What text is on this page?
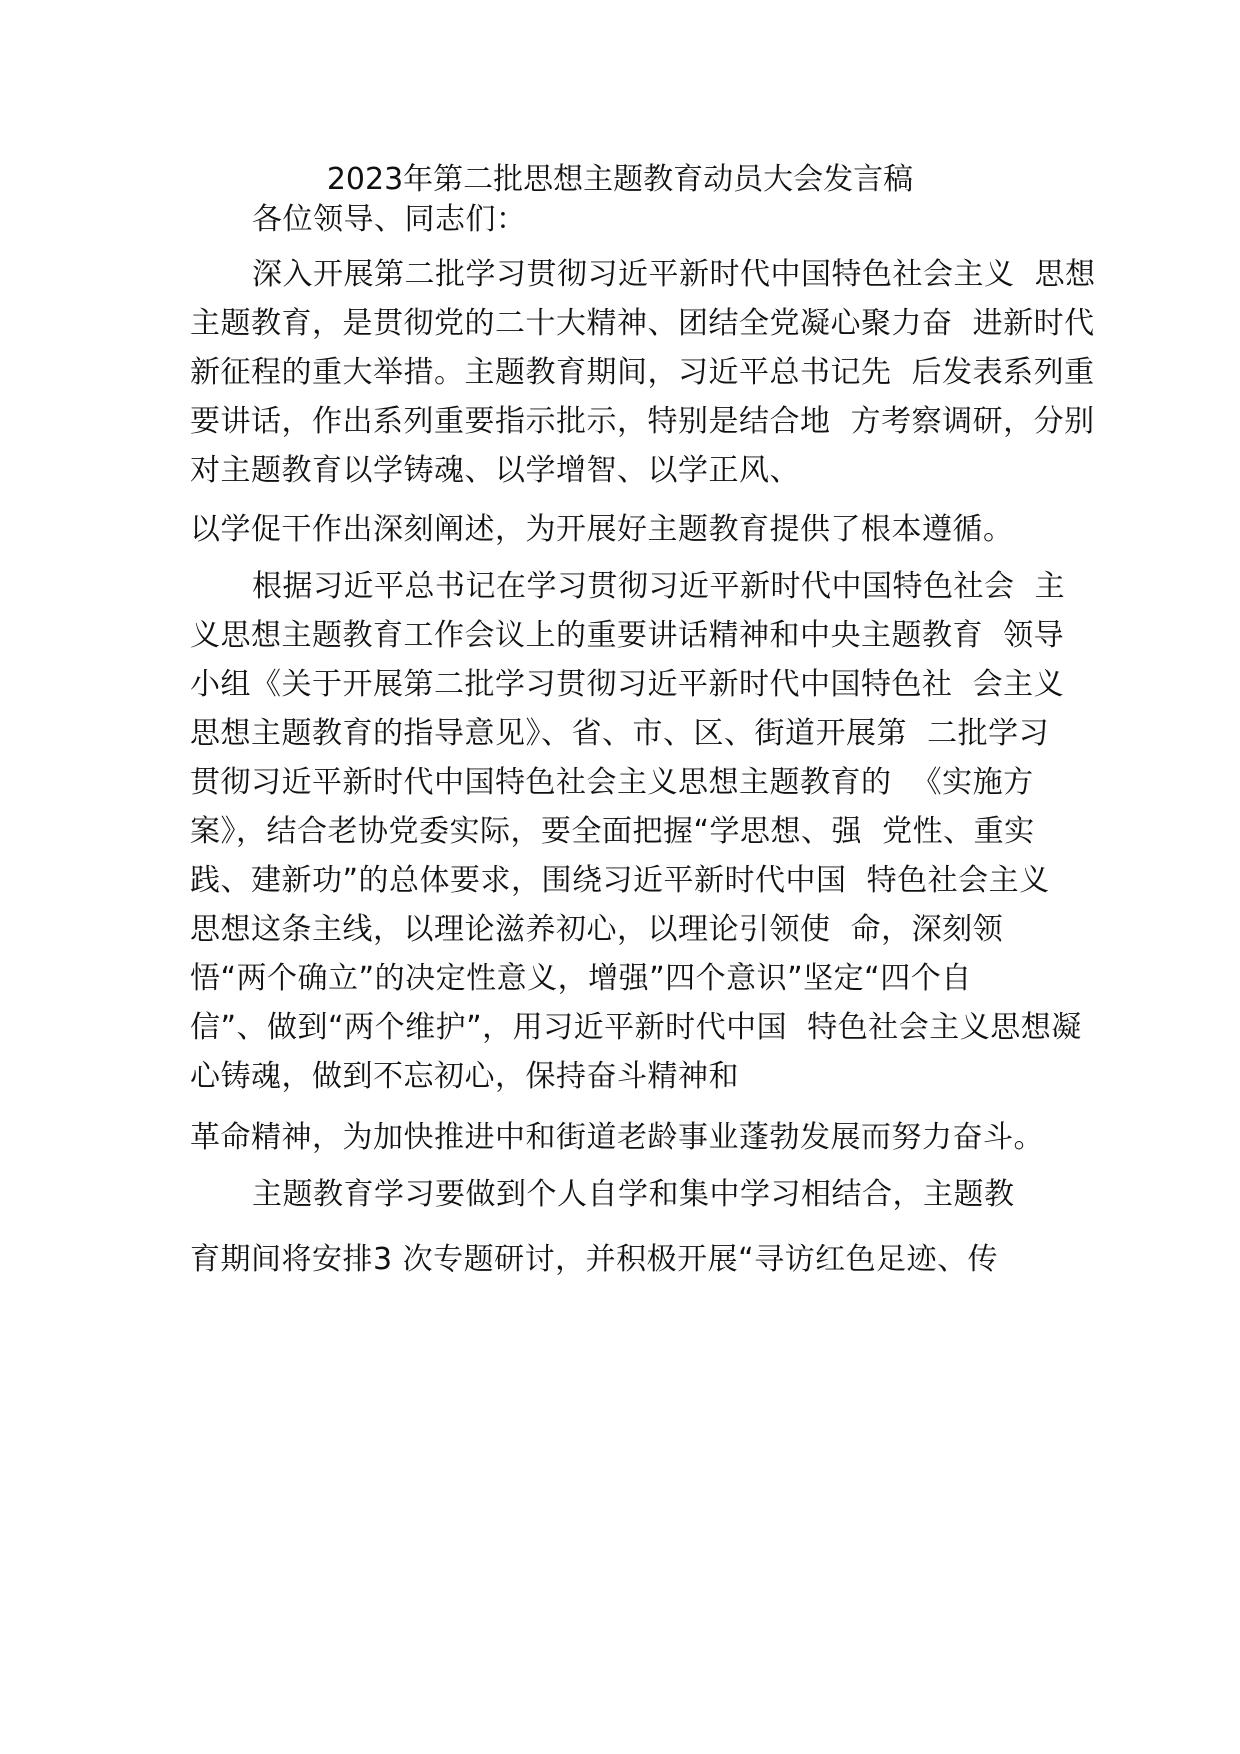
2023年第二批思想主题教育动员大会发言稿
各位领导、同志们：
深入开展第二批学习贯彻习近平新时代中国特色社会主义  思想
主题教育，是贯彻党的二十大精神、团结全党凝心聚力奋  进新时代
新征程的重大举措。主题教育期间，习近平总书记先  后发表系列重
要讲话，作出系列重要指示批示，特别是结合地  方考察调研，分别
对主题教育以学铸魂、以学增智、以学正风、
以学促干作出深刻阐述，为开展好主题教育提供了根本遵循。
根据习近平总书记在学习贯彻习近平新时代中国特色社会  主
义思想主题教育工作会议上的重要讲话精神和中央主题教育  领导
小组《关于开展第二批学习贯彻习近平新时代中国特色社  会主义
思想主题教育的指导意见》、省、市、区、街道开展第  二批学习
贯彻习近平新时代中国特色社会主义思想主题教育的  《实施方
案》，结合老协党委实际，要全面把握“学思想、强  党性、重实
践、建新功”的总体要求，围绕习近平新时代中国  特色社会主义
思想这条主线，以理论滋养初心，以理论引领使  命，深刻领
悟“两个确立”的决定性意义，增强”四个意识”坚定“四个自
信”、做到“两个维护”，用习近平新时代中国  特色社会主义思想凝
心铸魂，做到不忘初心，保持奋斗精神和
革命精神，为加快推进中和街道老龄事业蓬勃发展而努力奋斗。
主题教育学习要做到个人自学和集中学习相结合，主题教
育期间将安排3 次专题研讨，并积极开展“寻访红色足迹、传
